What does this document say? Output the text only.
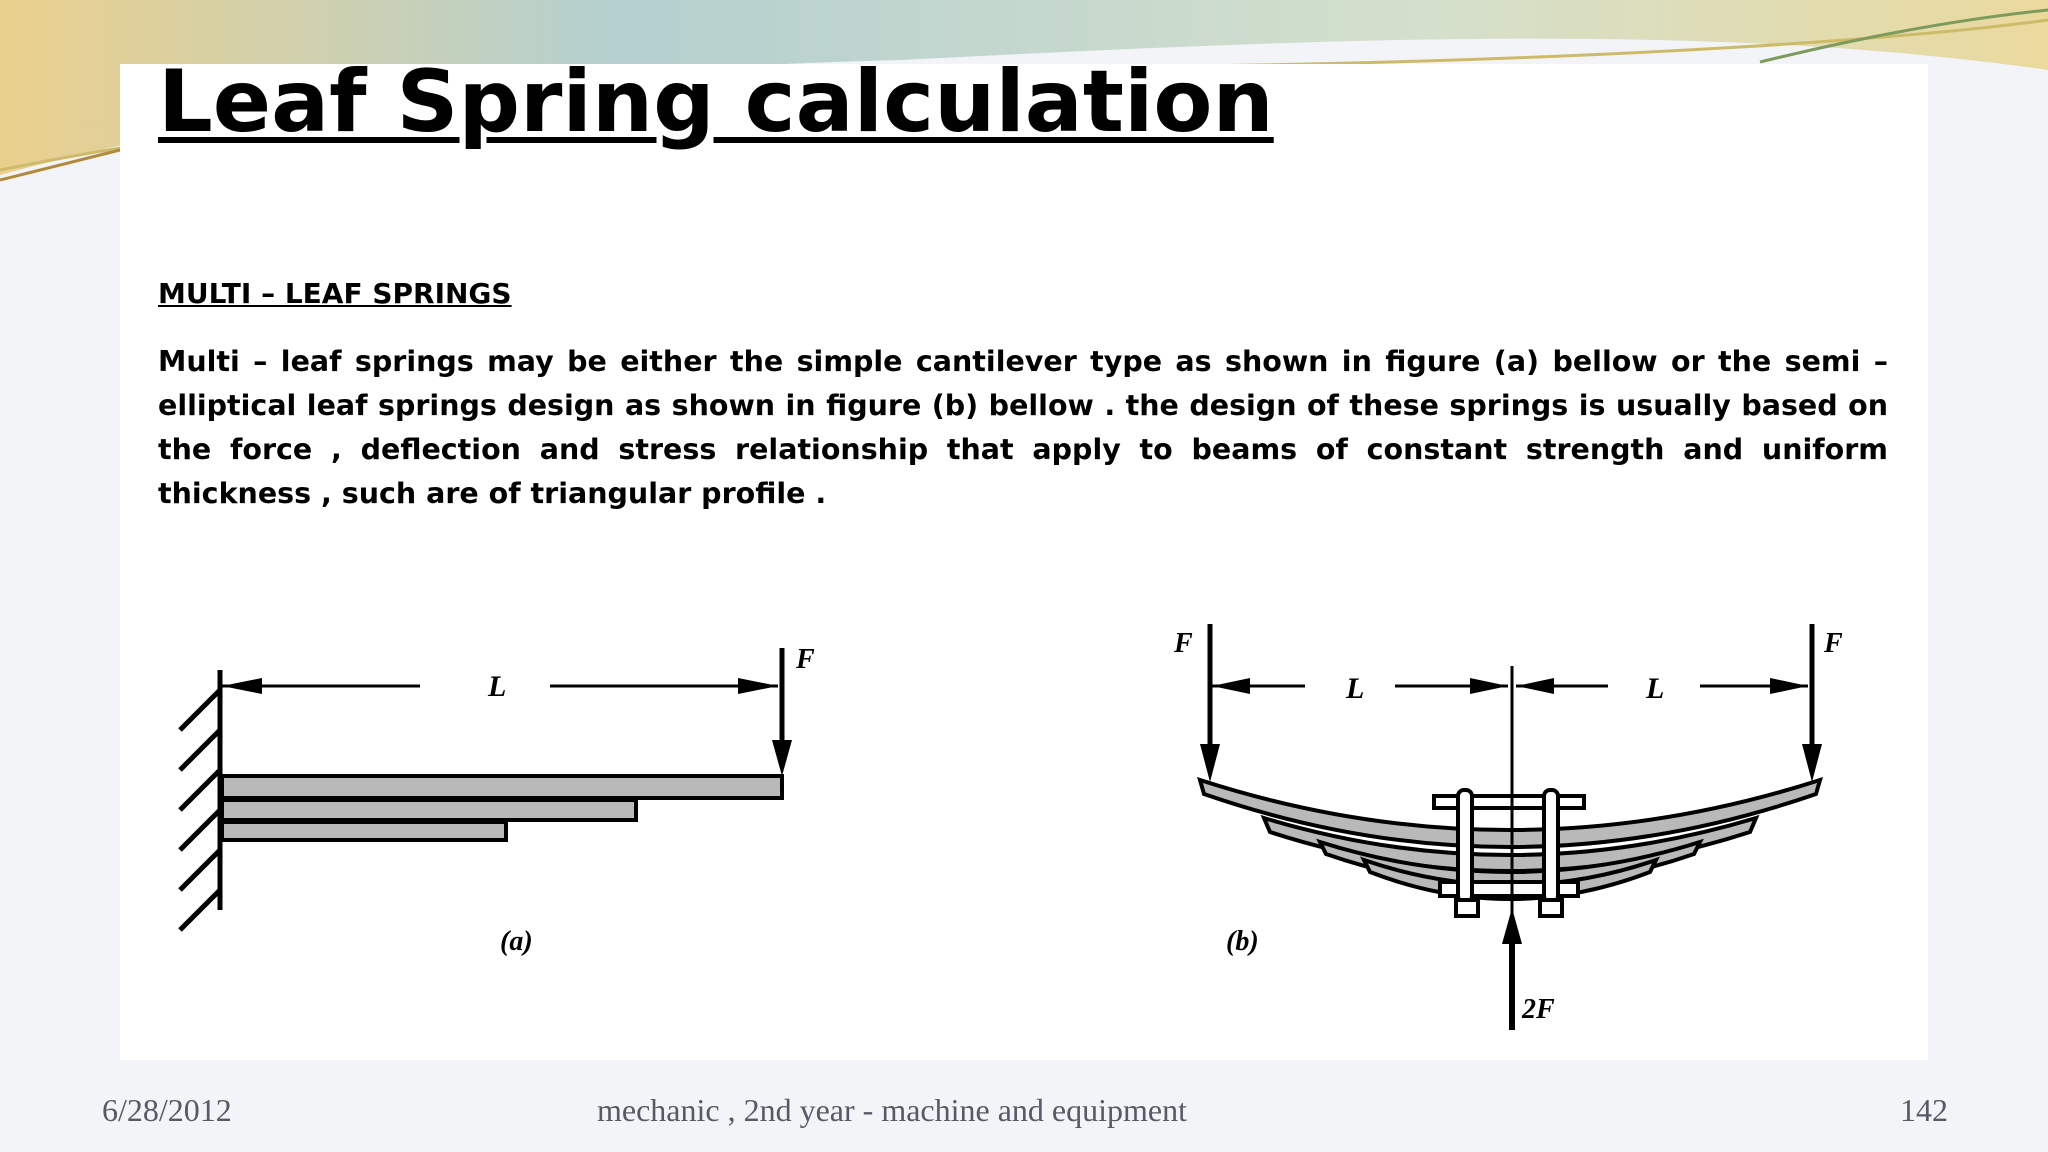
Leaf Spring calculation
MULTI – LEAF SPRINGS

Multi – leaf springs may be either the simple cantilever type as shown in figure (a) bellow or the semi – elliptical leaf springs design as shown in figure (b) bellow . the design of these springs is usually based on the force , deflection and stress relationship that apply to beams of constant strength and uniform thickness , such are of triangular profile .

L
F
(a)
F	F
L	L
2F
(b)

6/28/2012	mechanic , 2nd year - machine and equipment	142
